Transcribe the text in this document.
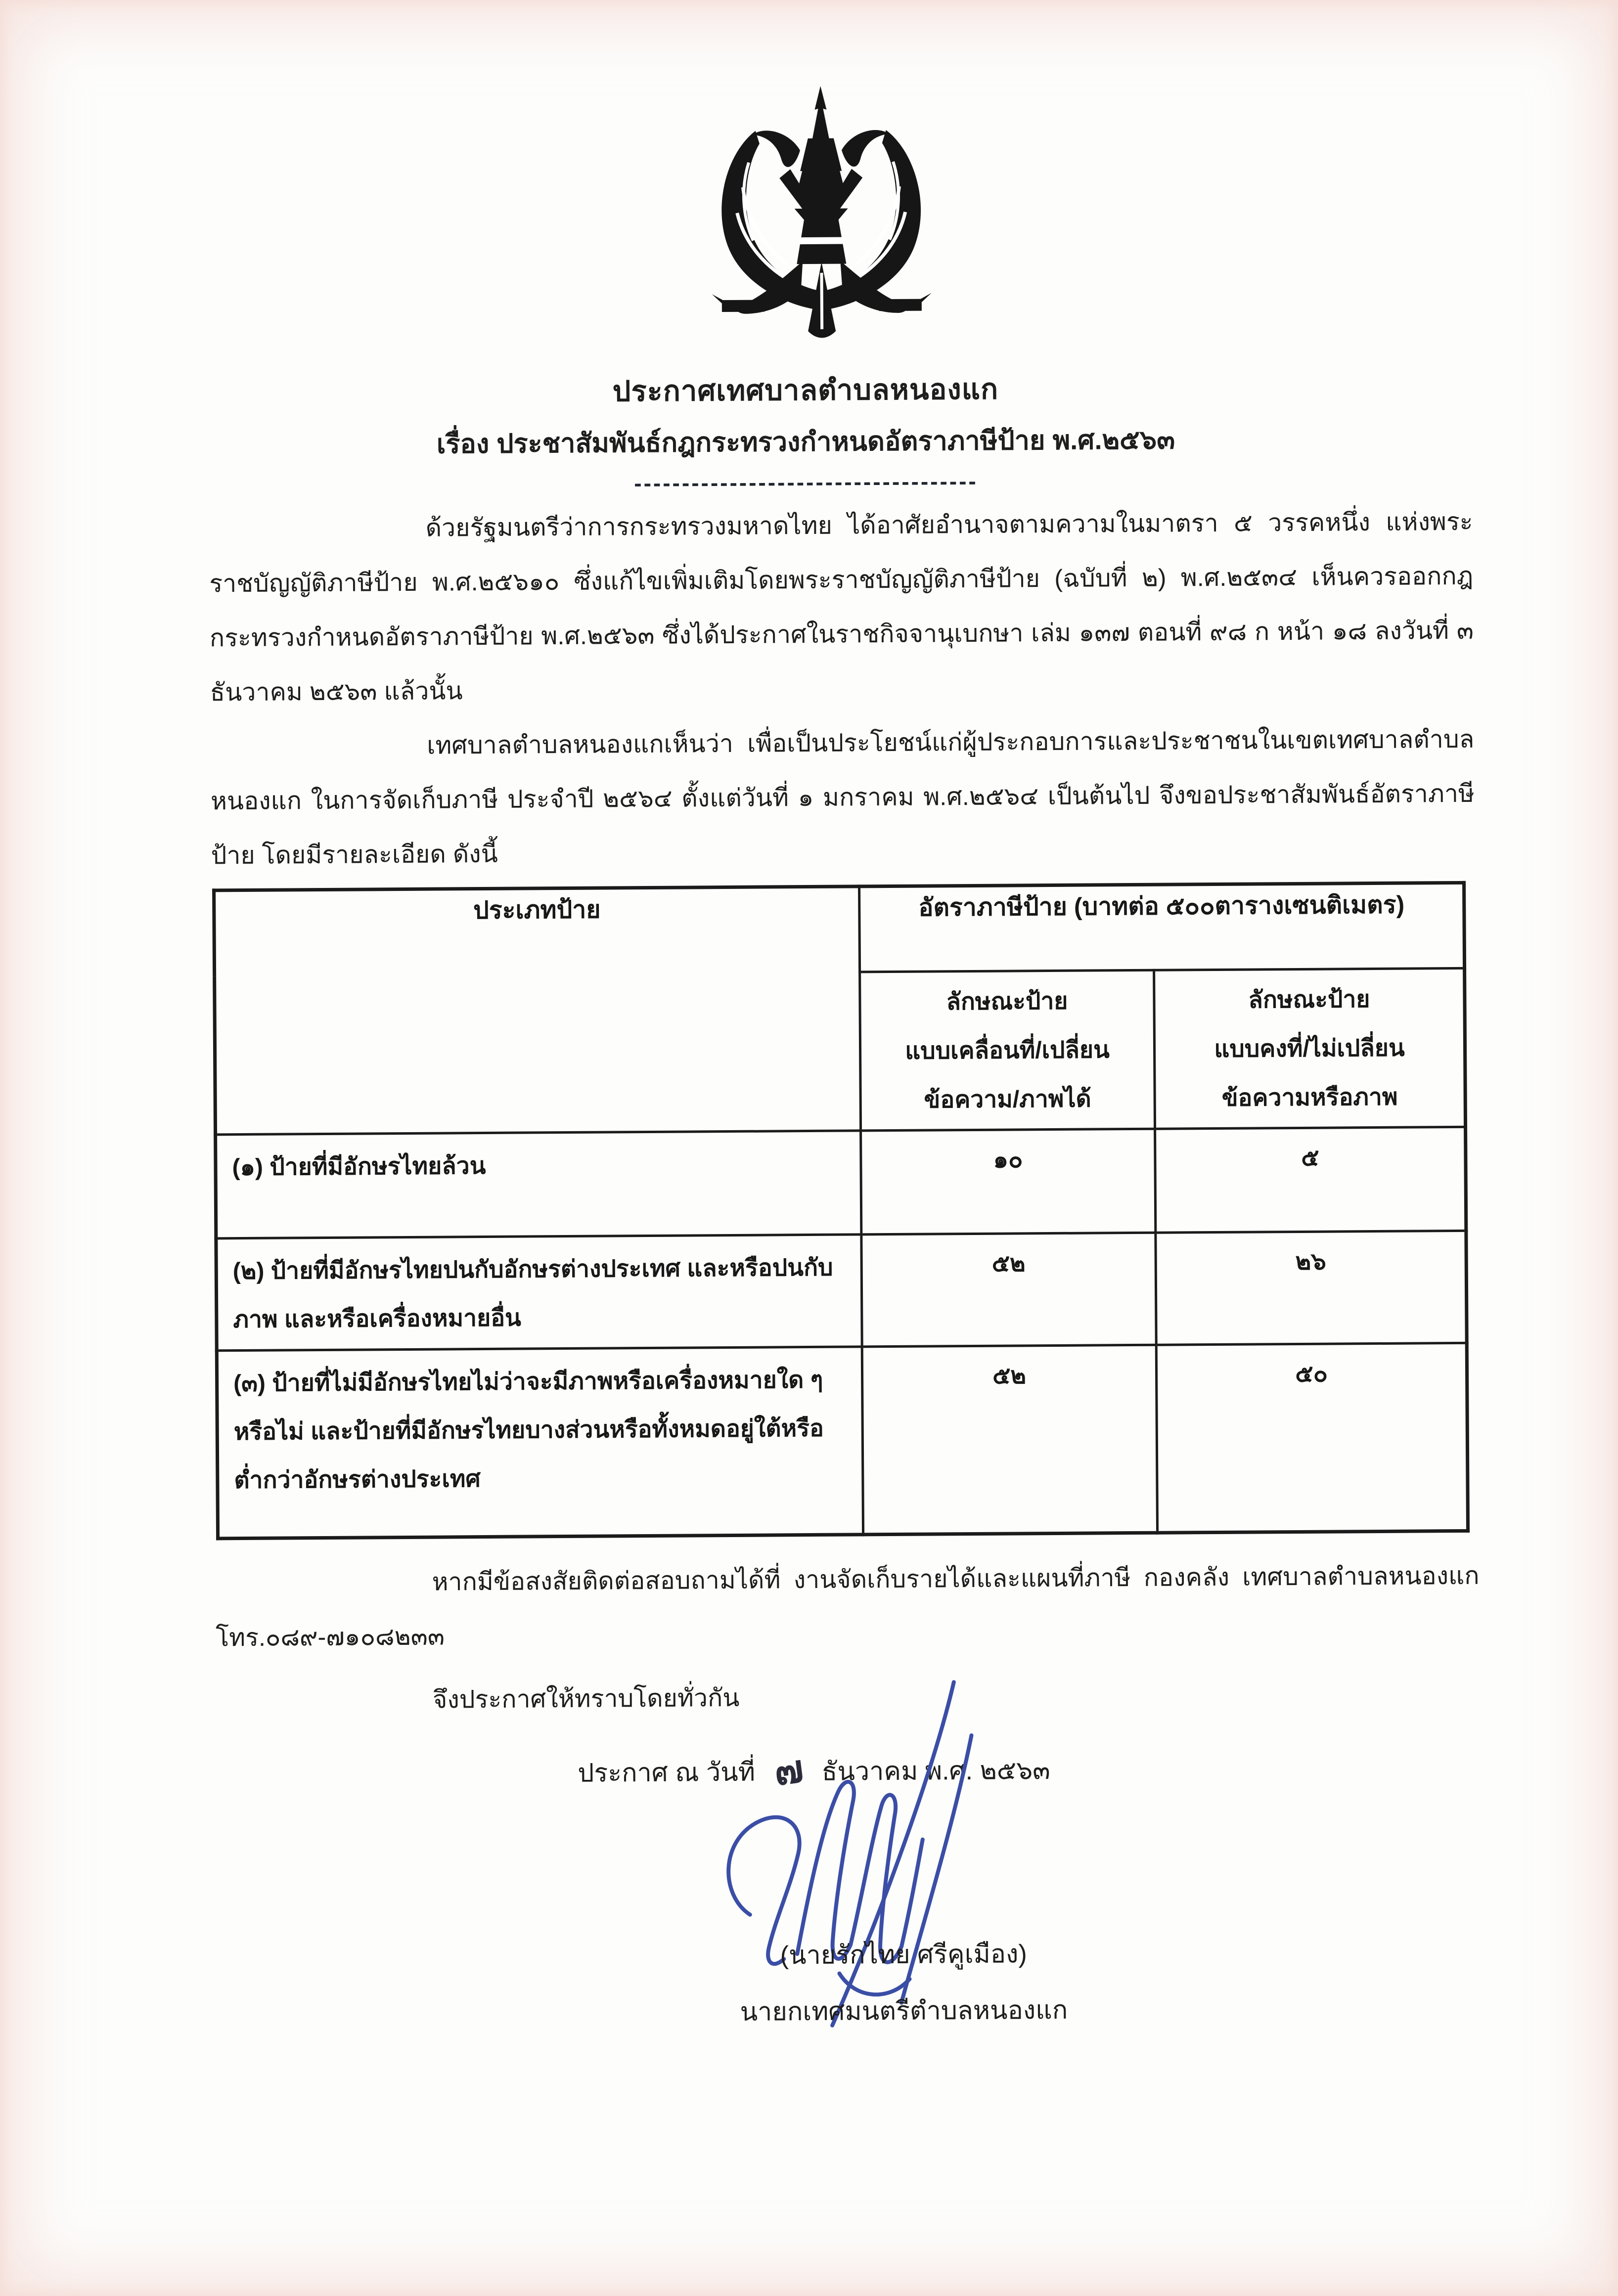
ประกาศเทศบาลตำบลหนองแก
เรื่อง ประชาสัมพันธ์กฎกระทรวงกำหนดอัตราภาษีป้าย พ.ศ.๒๕๖๓
------------------------------------
ด้วยรัฐมนตรีว่าการกระทรวงมหาดไทย ได้อาศัยอำนาจตามความในมาตรา ๕ วรรคหนึ่ง แห่งพระราชบัญญัติภาษีป้าย พ.ศ.๒๕๖๑๐ ซึ่งแก้ไขเพิ่มเติมโดยพระราชบัญญัติภาษีป้าย (ฉบับที่ ๒) พ.ศ.๒๕๓๔ เห็นควรออกกฎกระทรวงกำหนดอัตราภาษีป้าย พ.ศ.๒๕๖๓ ซึ่งได้ประกาศในราชกิจจานุเบกษา เล่ม ๑๓๗ ตอนที่ ๙๘ ก หน้า ๑๘ ลงวันที่ ๓ ธันวาคม ๒๕๖๓ แล้วนั้น
เทศบาลตำบลหนองแกเห็นว่า เพื่อเป็นประโยชน์แก่ผู้ประกอบการและประชาชนในเขตเทศบาลตำบลหนองแก ในการจัดเก็บภาษี ประจำปี ๒๕๖๔ ตั้งแต่วันที่ ๑ มกราคม พ.ศ.๒๕๖๔ เป็นต้นไป จึงขอประชาสัมพันธ์อัตราภาษีป้าย โดยมีรายละเอียด ดังนี้
ประเภทป้าย	อัตราภาษีป้าย (บาทต่อ ๕๐๐ตารางเซนติเมตร)	

ลักษณะป้าย
แบบเคลื่อนที่/เปลี่ยน
ข้อความ/ภาพได้

ลักษณะป้าย
แบบคงที่/ไม่เปลี่ยน
ข้อความหรือภาพ

(๑) ป้ายที่มีอักษรไทยล้วน	๑๐	๕
(๒) ป้ายที่มีอักษรไทยปนกับอักษรต่างประเทศ และหรือปนกับภาพ และหรือเครื่องหมายอื่น	๕๒	๒๖
(๓) ป้ายที่ไม่มีอักษรไทยไม่ว่าจะมีภาพหรือเครื่องหมายใด ๆ หรือไม่ และป้ายที่มีอักษรไทยบางส่วนหรือทั้งหมดอยู่ใต้หรือต่ำกว่าอักษรต่างประเทศ	๕๒	๕๐
หากมีข้อสงสัยติดต่อสอบถามได้ที่ งานจัดเก็บรายได้และแผนที่ภาษี กองคลัง เทศบาลตำบลหนองแก โทร.๐๘๙-๗๑๐๘๒๓๓
จึงประกาศให้ทราบโดยทั่วกัน
ประกาศ ณ วันที่ ๗ ธันวาคม พ.ศ. ๒๕๖๓
(นายรักไทย ศรีคูเมือง)
นายกเทศมนตรีตำบลหนองแก
